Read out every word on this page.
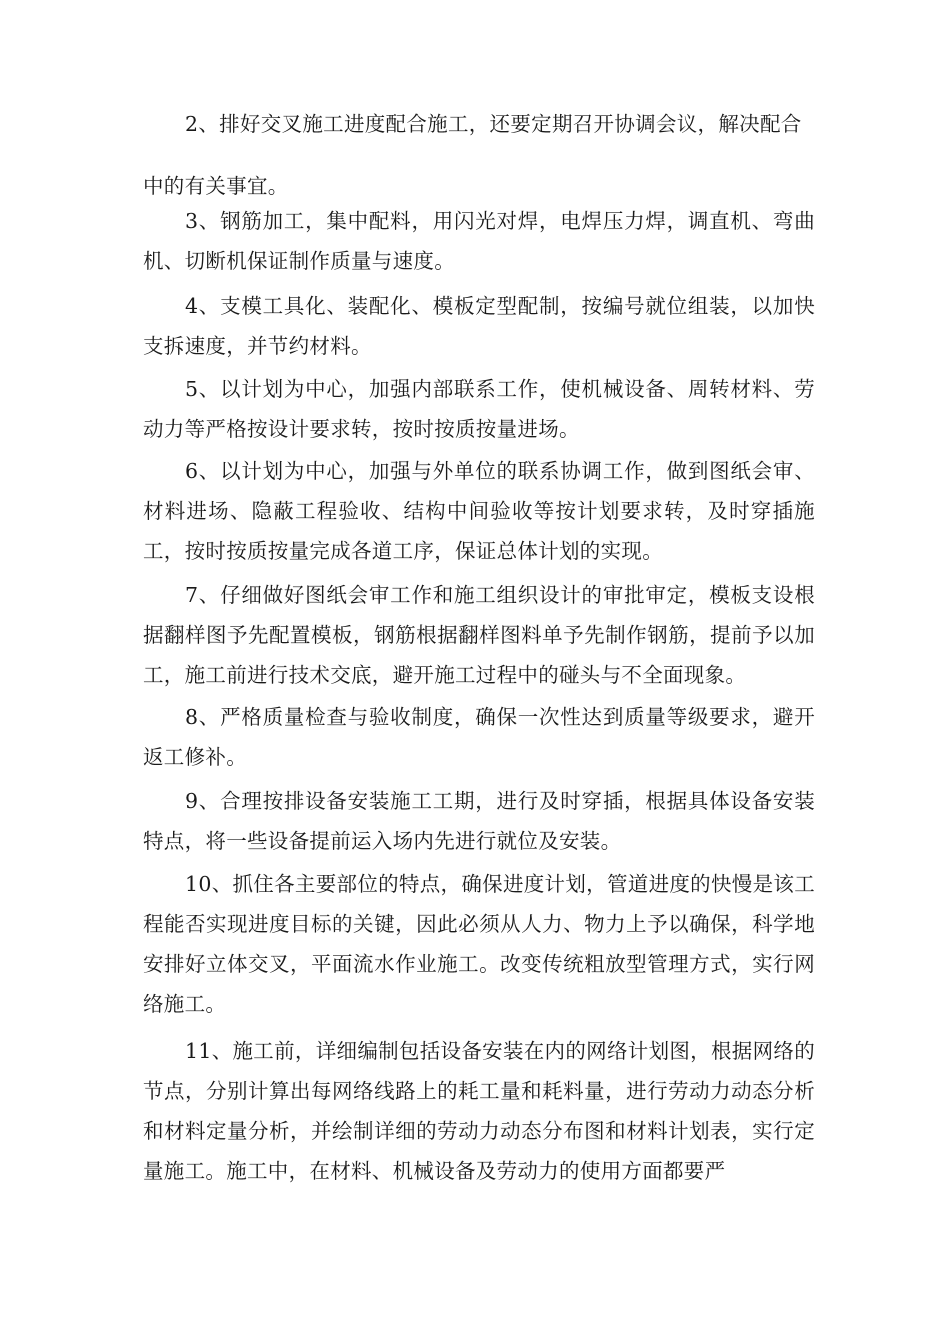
2、排好交叉施工进度配合施工，还要定期召开协调会议，解决配合中的有关事宜。

3、钢筋加工，集中配料，用闪光对焊，电焊压力焊，调直机、弯曲机、切断机保证制作质量与速度。

4、支模工具化、装配化、模板定型配制，按编号就位组装，以加快支拆速度，并节约材料。

5、以计划为中心，加强内部联系工作，使机械设备、周转材料、劳动力等严格按设计要求转，按时按质按量进场。

6、以计划为中心，加强与外单位的联系协调工作，做到图纸会审、材料进场、隐蔽工程验收、结构中间验收等按计划要求转，及时穿插施工，按时按质按量完成各道工序，保证总体计划的实现。

7、仔细做好图纸会审工作和施工组织设计的审批审定，模板支设根据翻样图予先配置模板，钢筋根据翻样图料单予先制作钢筋，提前予以加工，施工前进行技术交底，避开施工过程中的碰头与不全面现象。

8、严格质量检查与验收制度，确保一次性达到质量等级要求，避开返工修补。

9、合理按排设备安装施工工期，进行及时穿插，根据具体设备安装特点，将一些设备提前运入场内先进行就位及安装。

10、抓住各主要部位的特点，确保进度计划，管道进度的快慢是该工程能否实现进度目标的关键，因此必须从人力、物力上予以确保，科学地安排好立体交叉，平面流水作业施工。改变传统粗放型管理方式，实行网络施工。

11、施工前，详细编制包括设备安装在内的网络计划图，根据网络的节点，分别计算出每网络线路上的耗工量和耗料量，进行劳动力动态分析和材料定量分析，并绘制详细的劳动力动态分布图和材料计划表，实行定量施工。施工中，在材料、机械设备及劳动力的使用方面都要严
